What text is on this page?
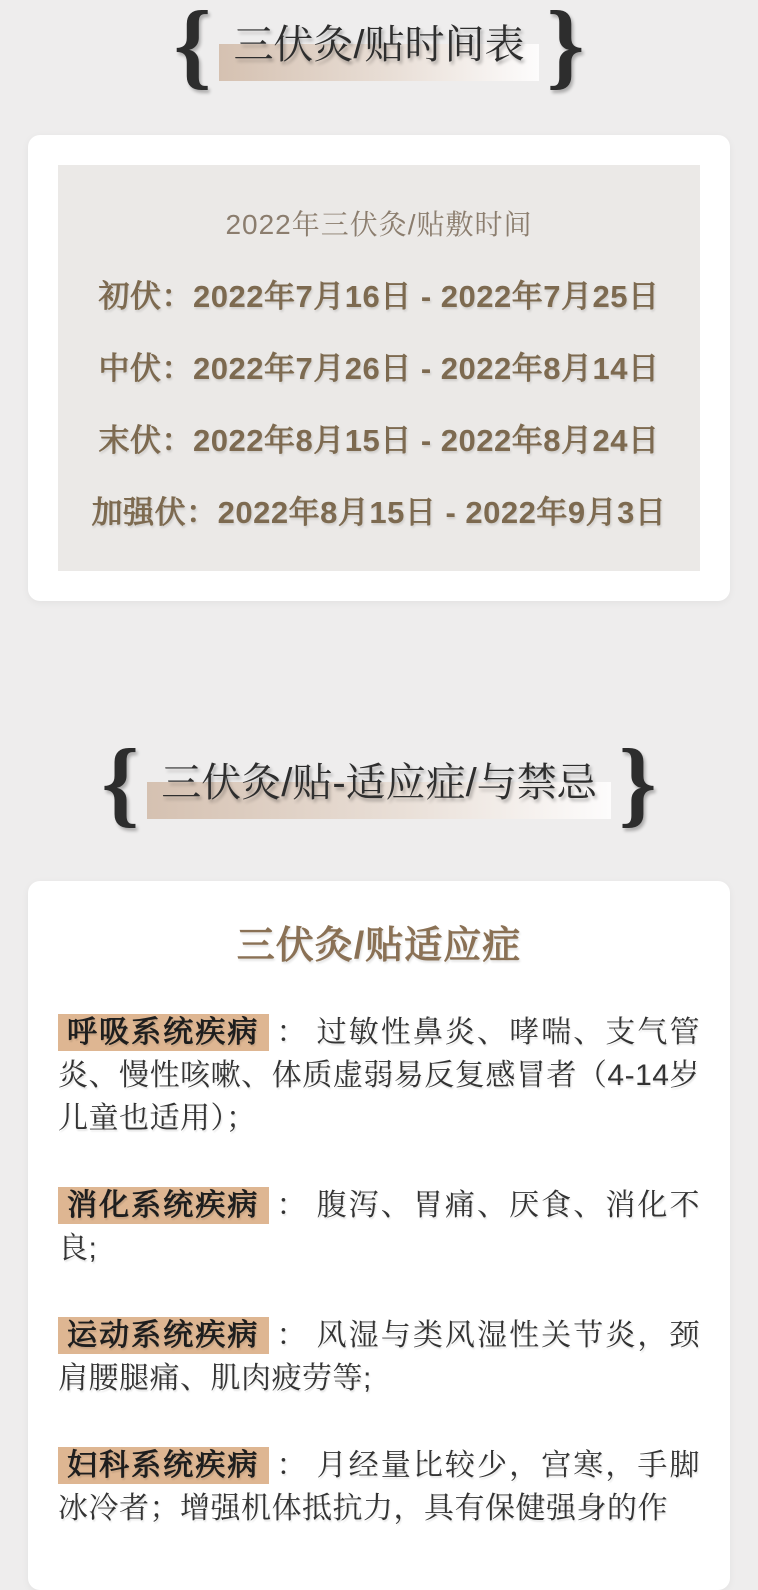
{ 三伏灸/贴时间表 }
2022年三伏灸/贴敷时间
初伏：2022年7月16日 - 2022年7月25日
中伏：2022年7月26日 - 2022年8月14日
末伏：2022年8月15日 - 2022年8月24日
加强伏：2022年8月15日 - 2022年9月3日
{ 三伏灸/贴-适应症/与禁忌 }
三伏灸/贴适应症

呼吸系统疾病 ： 过敏性鼻炎、哮喘、支气管炎、慢性咳嗽、体质虚弱易反复感冒者（4-14岁儿童也适用）；

消化系统疾病 ： 腹泻、胃痛、厌食、消化不良;

运动系统疾病 ： 风湿与类风湿性关节炎，颈肩腰腿痛、肌肉疲劳等;

妇科系统疾病 ： 月经量比较少，宫寒，手脚冰冷者；增强机体抵抗力，具有保健强身的作
